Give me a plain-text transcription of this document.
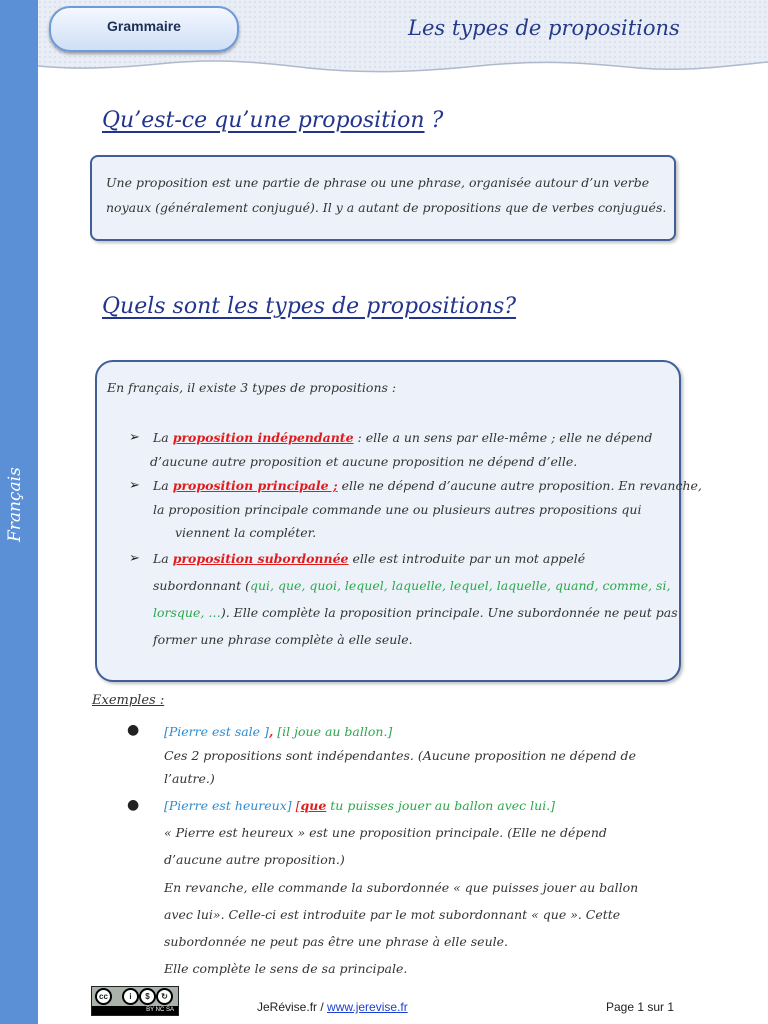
Français
Grammaire	Les types de propositions
Qu’est-ce qu’une proposition ?

Une proposition est une partie de phrase ou une phrase, organisée autour d’un verbe

noyaux (généralement conjugué). Il y a autant de propositions que de verbes conjugués.

Quels sont les types de propositions?

En français, il existe 3 types de propositions :

➢ La proposition indépendante : elle a un sens par elle-même ; elle ne dépend
d’aucune autre proposition et aucune proposition ne dépend d’elle.
➢ La proposition principale ; elle ne dépend d’aucune autre proposition. En revanche,
la proposition principale commande une ou plusieurs autres propositions qui
viennent la compléter.
➢ La proposition subordonnée elle est introduite par un mot appelé
subordonnant (qui, que, quoi, lequel, laquelle, lequel, laquelle, quand, comme, si,
lorsque, …). Elle complète la proposition principale. Une subordonnée ne peut pas
former une phrase complète à elle seule.
Exemples :
● [Pierre est sale ], [il joue au ballon.]
Ces 2 propositions sont indépendantes. (Aucune proposition ne dépend de
l’autre.)
● [Pierre est heureux] [que tu puisses jouer au ballon avec lui.]
« Pierre est heureux » est une proposition principale. (Elle ne dépend
d’aucune autre proposition.)
En revanche, elle commande la subordonnée « que puisses jouer au ballon
avec lui». Celle-ci est introduite par le mot subordonnant « que ». Cette
subordonnée ne peut pas être une phrase à elle seule.
Elle complète le sens de sa principale.
cc	i	$	↻
BY NC SA	JeRévise.fr / www.jerevise.fr	Page 1 sur 1
